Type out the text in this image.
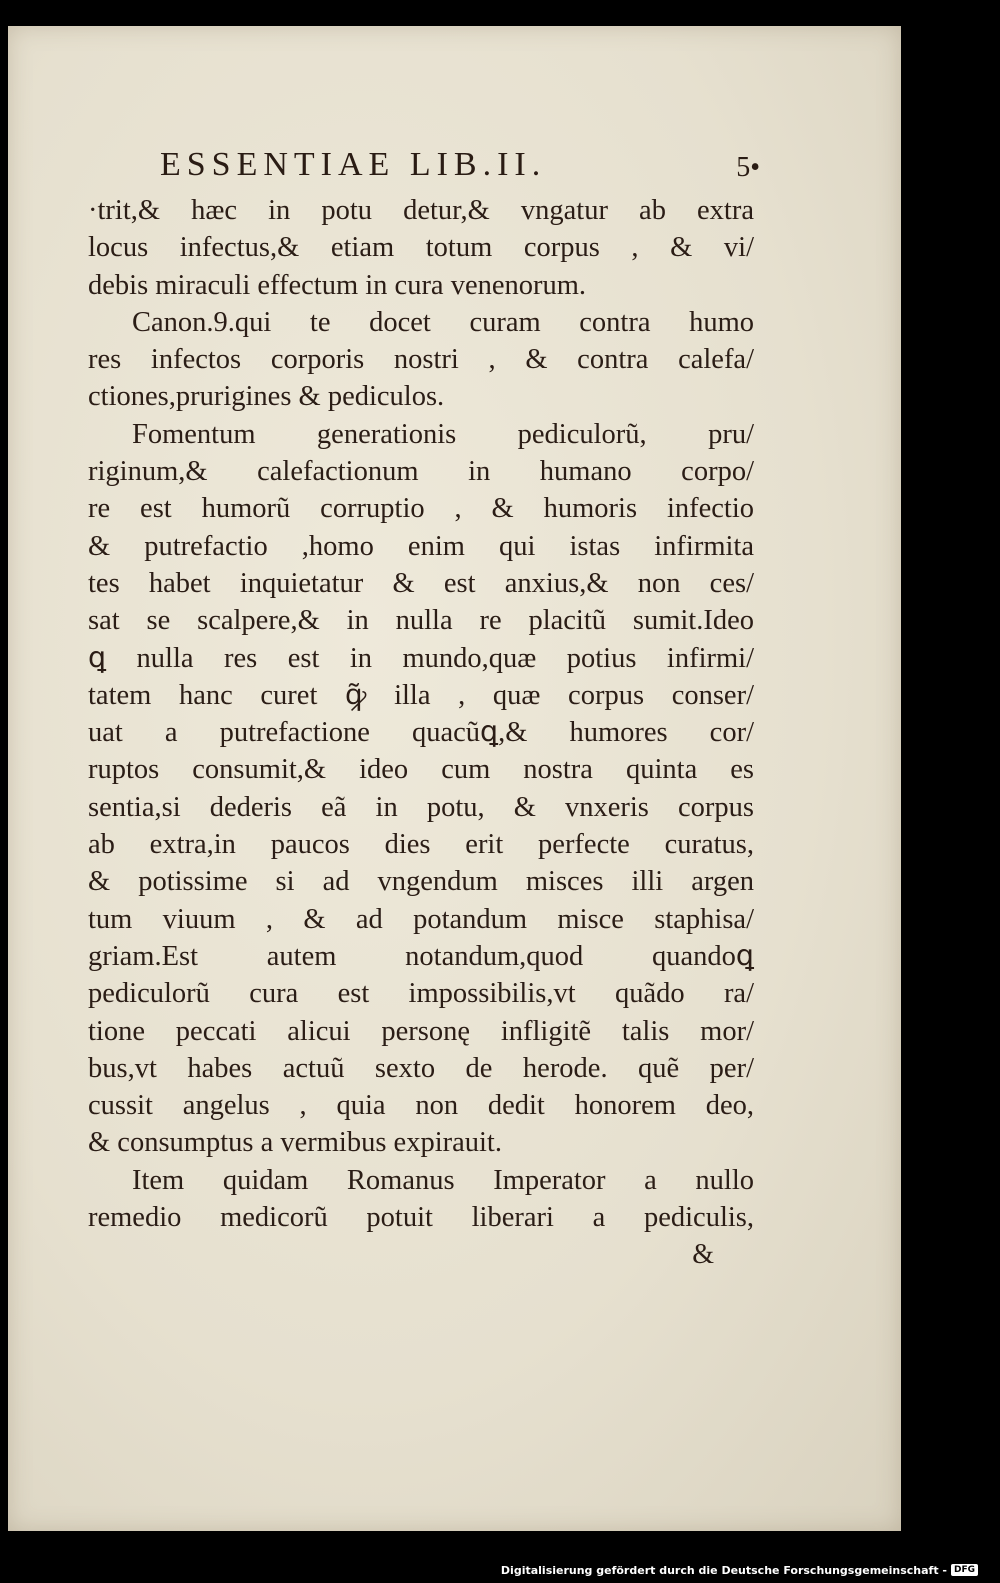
ESSENTIAE LIB.II.	5•
·trit,& hæc in potu detur,& vngatur ab extra
locus infectus,& etiam totum corpus , & vi/
debis miraculi effectum in cura venenorum.
Canon.9.qui te docet curam contra humo
res infectos corporis nostri , & contra calefa/
ctiones,prurigines & pediculos.
Fomentum generationis pediculorũ, pru/
riginum,& calefactionum in humano corpo/
re est humorũ corruptio , & humoris infectio
& putrefactio ,homo enim qui istas infirmita
tes habet inquietatur & est anxius,& non ces/
sat se scalpere,& in nulla re placitũ sumit.Ideo
ꝗ nulla res est in mundo,quæ potius infirmi/
tatem hanc curet ꝙ̃ illa , quæ corpus conser/
uat a putrefactione quacũꝗ,& humores cor/
ruptos consumit,& ideo cum nostra quinta es
sentia,si dederis eã in potu, & vnxeris corpus
ab extra,in paucos dies erit perfecte curatus,
& potissime si ad vngendum misces illi argen
tum viuum , & ad potandum misce staphisa/
griam.Est autem notandum,quod quandoꝗ
pediculorũ cura est impossibilis,vt quãdo ra/
tione peccati alicui personę infligitẽ talis mor/
bus,vt habes actuũ sexto de herode. quẽ per/
cussit angelus , quia non dedit honorem deo,
& consumptus a vermibus expirauit.
Item quidam Romanus Imperator a nullo
remedio medicorũ potuit liberari a pediculis,
&
Digitalisierung gefördert durch die Deutsche Forschungsgemeinschaft - DFG
